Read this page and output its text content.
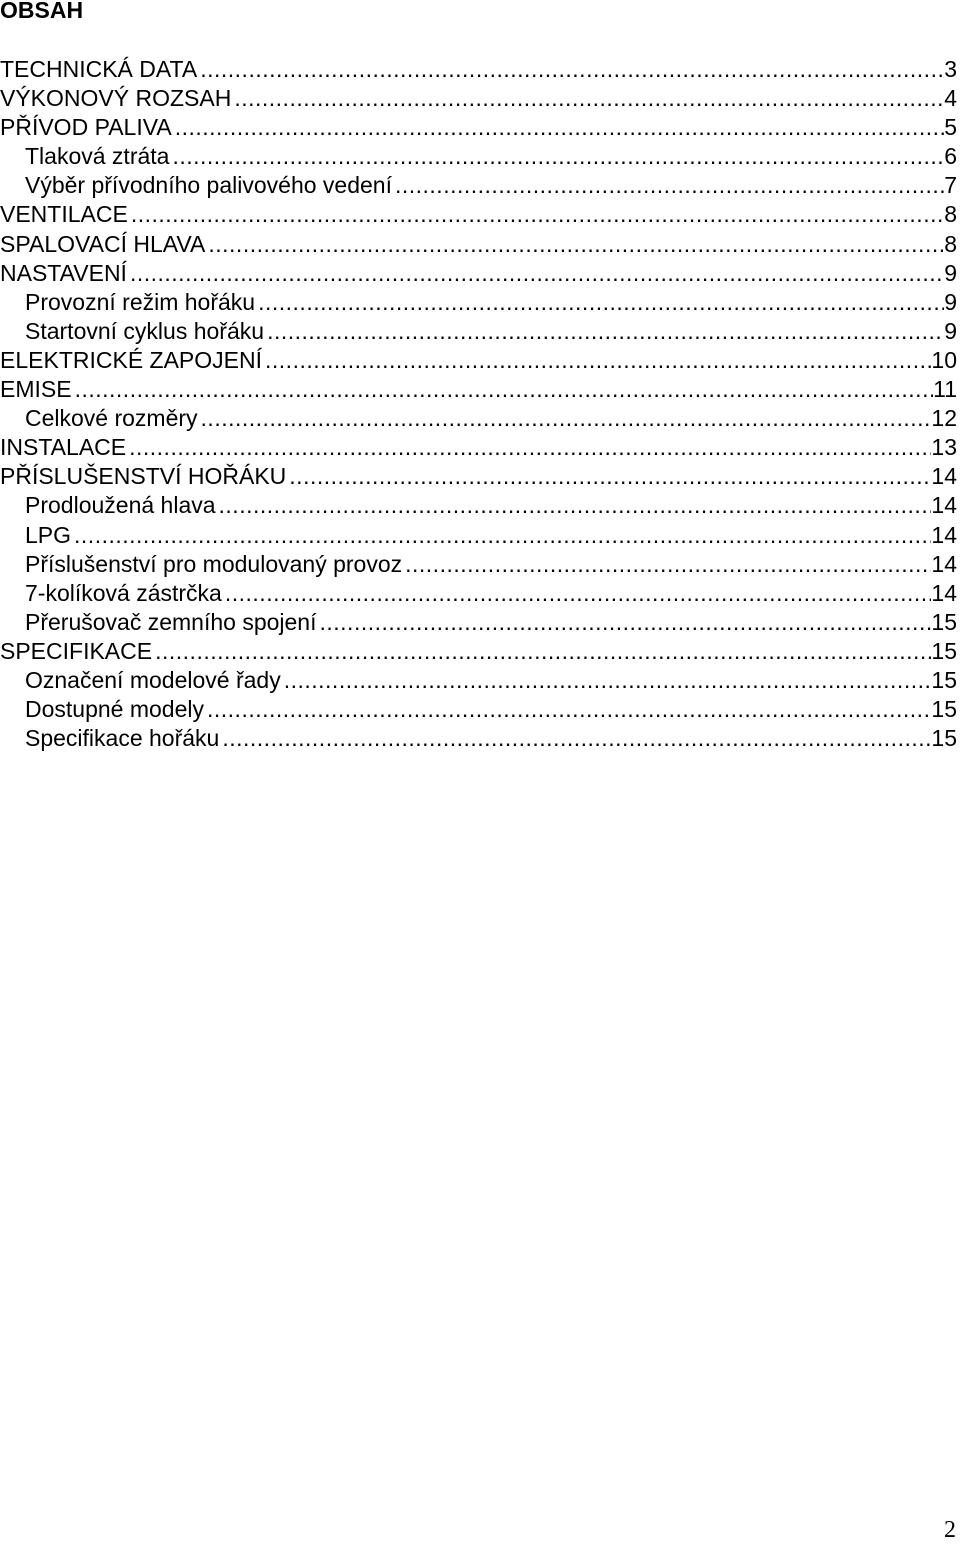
OBSAH
TECHNICKÁ DATA .....	3
VÝKONOVÝ ROZSAH .....	4
PŘÍVOD PALIVA .....	5
Tlaková ztráta .....	6
Výběr přívodního palivového vedení .....	7
VENTILACE .....	8
SPALOVACÍ HLAVA .....	8
NASTAVENÍ .....	9
Provozní režim hořáku .....	9
Startovní cyklus hořáku .....	9
ELEKTRICKÉ ZAPOJENÍ .....	10
EMISE .....	11
Celkové rozměry .....	12
INSTALACE .....	13
PŘÍSLUŠENSTVÍ HOŘÁKU .....	14
Prodloužená hlava .....	14
LPG .....	14
Příslušenství pro modulovaný provoz .....	14
7-kolíková zástrčka .....	14
Přerušovač zemního spojení .....	15
SPECIFIKACE .....	15
Označení modelové řady .....	15
Dostupné modely .....	15
Specifikace hořáku .....	15
2
